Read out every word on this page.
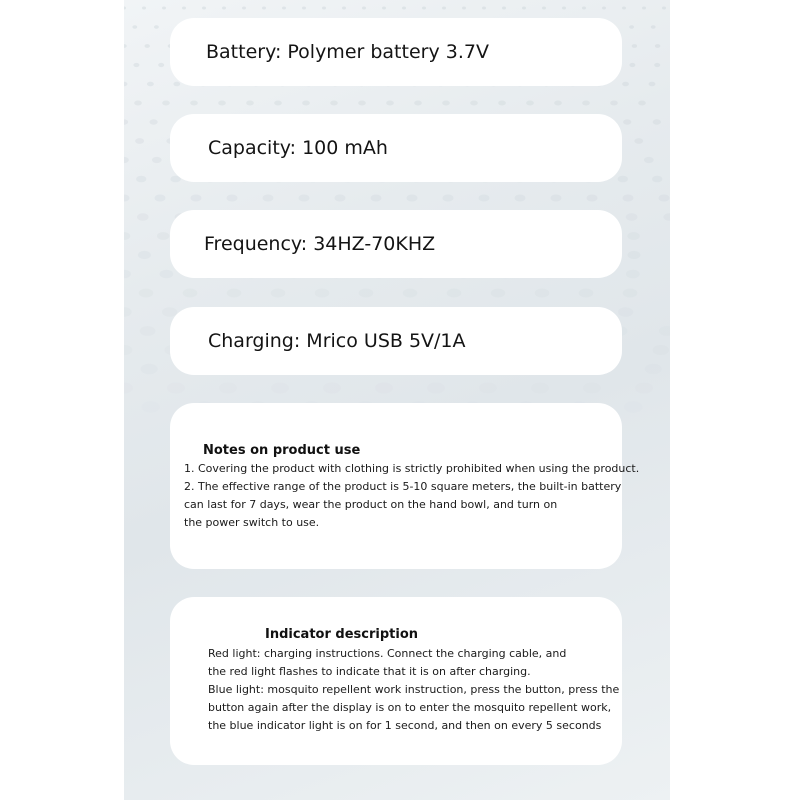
Battery: Polymer battery 3.7V
Capacity: 100 mAh
Frequency: 34HZ-70KHZ
Charging: Mrico USB 5V/1A
Notes on product use
1. Covering the product with clothing is strictly prohibited when using the product.
2. The effective range of the product is 5-10 square meters, the built-in battery
can last for 7 days, wear the product on the hand bowl, and turn on
the power switch to use.
Indicator description
Red light: charging instructions. Connect the charging cable, and
the red light flashes to indicate that it is on after charging.
Blue light: mosquito repellent work instruction, press the button, press the
button again after the display is on to enter the mosquito repellent work,
the blue indicator light is on for 1 second, and then on every 5 seconds
